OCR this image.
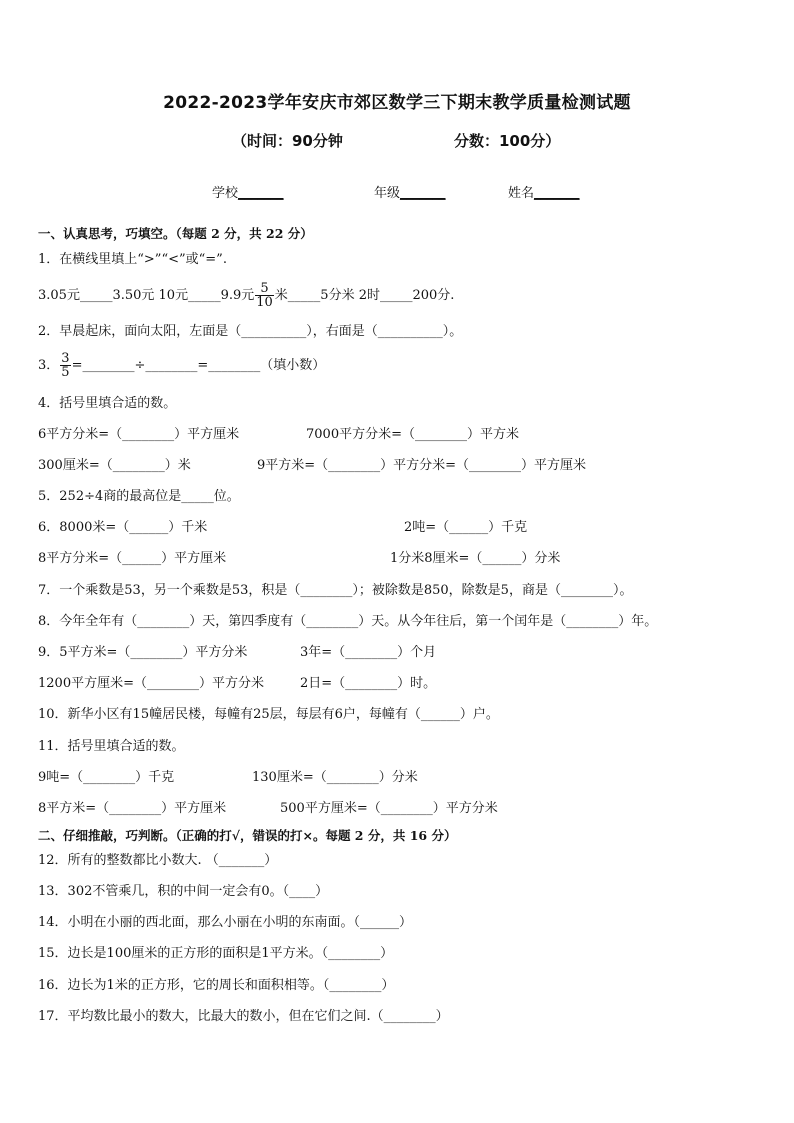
2022-2023学年安庆市郊区数学三下期末教学质量检测试题
（时间：90分钟	分数：100分）
学校_______	年级_______	姓名_______
一、认真思考，巧填空。（每题 2 分，共 22 分）
1．在横线里填上“>”“<”或“=”.
3.05元_____3.50元 10元_____9.9元 $\frac{5}{10}$ 米_____5分米 2时_____200分.
2．早晨起床，面向太阳，左面是（__________），右面是（__________）。
3． $\frac{3}{5}$ =________÷________=________（填小数）
4．括号里填合适的数。
6平方分米=（________）平方厘米	7000平方分米=（________）平方米
300厘米=（________）米	9平方米=（________）平方分米=（________）平方厘米
5．252÷4商的最高位是_____位。
6．8000米=（______）千米	2吨=（______）千克
8平方分米=（______）平方厘米	1分米8厘米=（______）分米
7．一个乘数是53，另一个乘数是53，积是（________）；被除数是850，除数是5，商是（________）。
8．今年全年有（________）天，第四季度有（________）天。从今年往后，第一个闰年是（________）年。
9．5平方米=（________）平方分米	3年=（________）个月
1200平方厘米=（________）平方分米	2日=（________）时。
10．新华小区有15幢居民楼，每幢有25层，每层有6户，每幢有（______）户。
11．括号里填合适的数。
9吨=（________）千克	130厘米=（________）分米
8平方米=（________）平方厘米	500平方厘米=（________）平方分米
二、仔细推敲，巧判断。（正确的打√，错误的打×。每题 2 分，共 16 分）
12．所有的整数都比小数大. （_______）
13．302不管乘几，积的中间一定会有0。（____）
14．小明在小丽的西北面，那么小丽在小明的东南面。（______）
15．边长是100厘米的正方形的面积是1平方米。（________）
16．边长为1米的正方形，它的周长和面积相等。（________）
17．平均数比最小的数大，比最大的数小，但在它们之间.（________）
